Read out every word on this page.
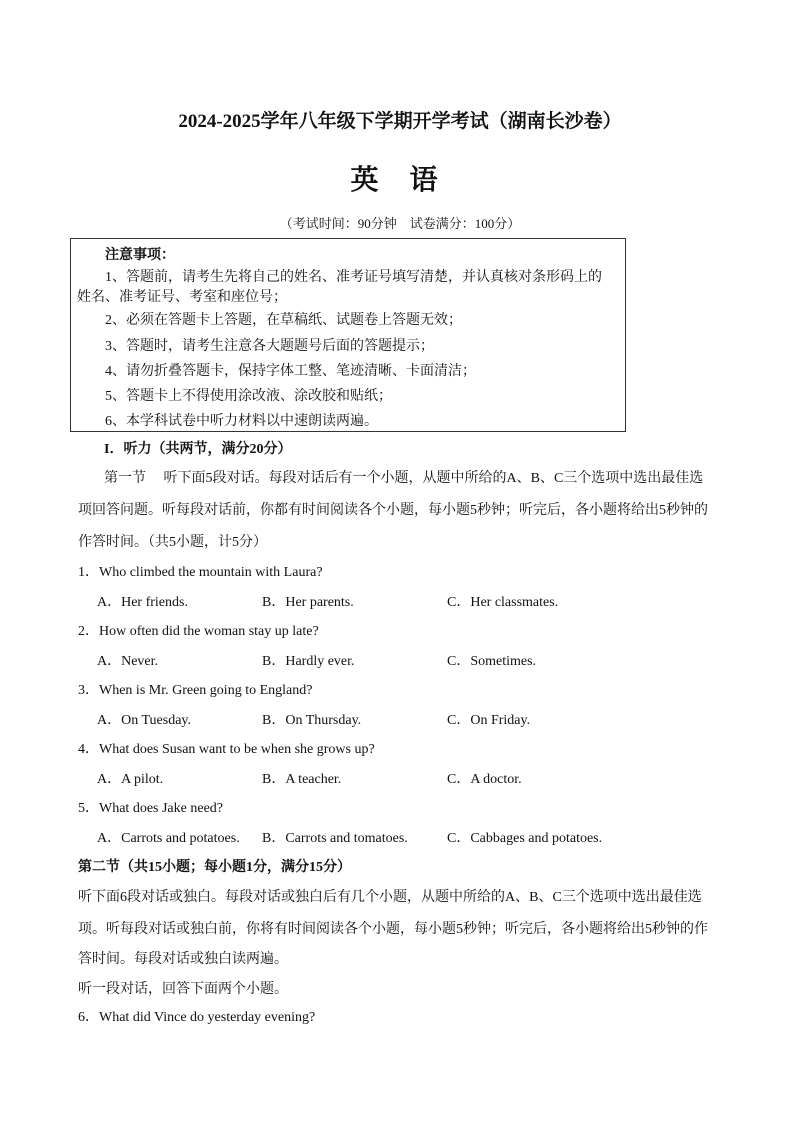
2024-2025学年八年级下学期开学考试（湖南长沙卷）
英 语
（考试时间：90分钟　试卷满分：100分）
注意事项：
1、答题前，请考生先将自己的姓名、准考证号填写清楚，并认真核对条形码上的
姓名、准考证号、考室和座位号；
2、必须在答题卡上答题，在草稿纸、试题卷上答题无效；
3、答题时，请考生注意各大题题号后面的答题提示；
4、请勿折叠答题卡，保持字体工整、笔迹清晰、卡面清洁；
5、答题卡上不得使用涂改液、涂改胶和贴纸；
6、本学科试卷中听力材料以中速朗读两遍。
I．听力（共两节，满分20分）
第一节　 听下面5段对话。每段对话后有一个小题，从题中所给的A、B、C三个选项中选出最佳选
项回答问题。听每段对话前，你都有时间阅读各个小题，每小题5秒钟；听完后，各小题将给出5秒钟的
作答时间。（共5小题，计5分）
1．Who climbed the mountain with Laura?
A．Her friends.	B．Her parents.	C．Her classmates.
2．How often did the woman stay up late?
A．Never.	B．Hardly ever.	C．Sometimes.
3．When is Mr. Green going to England?
A．On Tuesday.	B．On Thursday.	C．On Friday.
4．What does Susan want to be when she grows up?
A．A pilot.	B．A teacher.	C．A doctor.
5．What does Jake need?
A．Carrots and potatoes. B．Carrots and tomatoes.	C．Cabbages and potatoes.
第二节（共15小题；每小题1分，满分15分）
听下面6段对话或独白。每段对话或独白后有几个小题，从题中所给的A、B、C三个选项中选出最佳选
项。听每段对话或独白前，你将有时间阅读各个小题，每小题5秒钟；听完后，各小题将给出5秒钟的作
答时间。每段对话或独白读两遍。
听一段对话，回答下面两个小题。
6．What did Vince do yesterday evening?
